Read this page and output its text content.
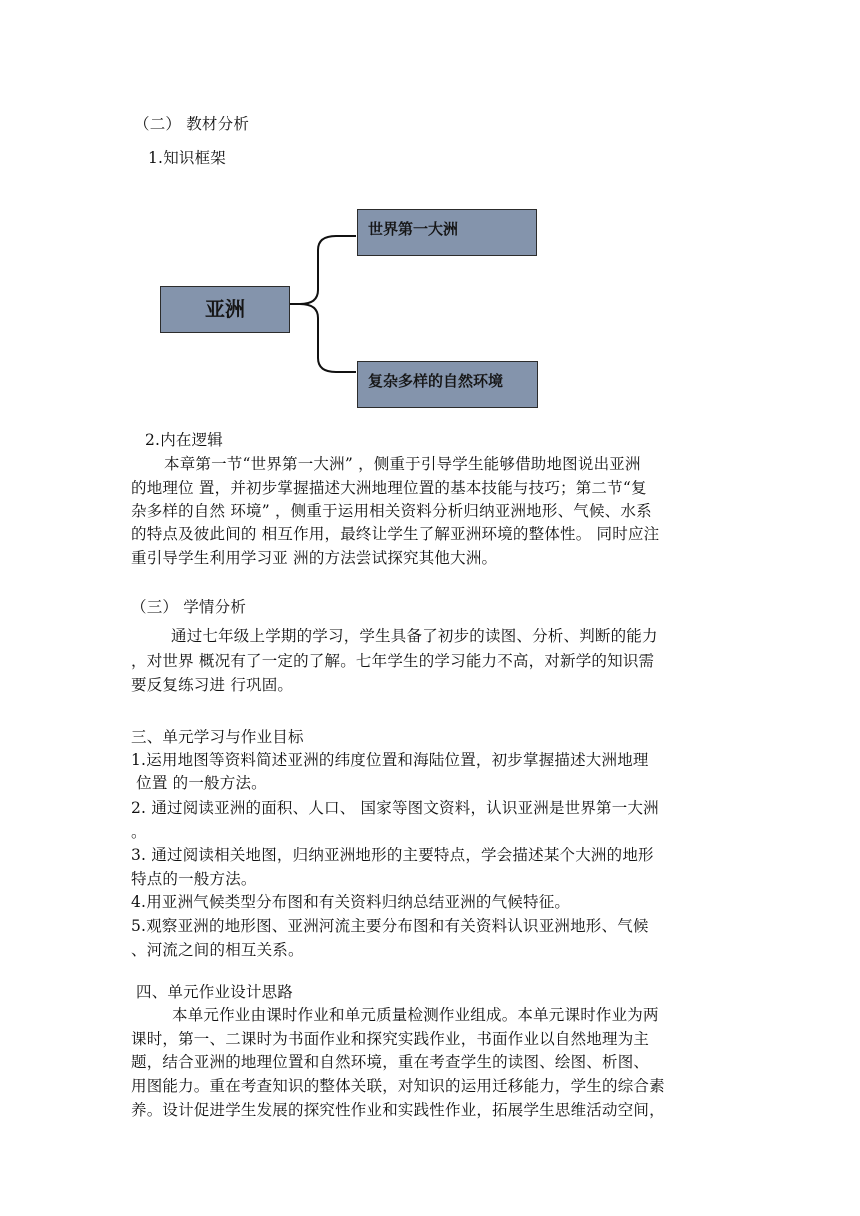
（二） 教材分析
1.知识框架
亚洲
世界第一大洲
复杂多样的自然环境
2.内在逻辑
本章第一节“世界第一大洲” ，侧重于引导学生能够借助地图说出亚洲
的地理位 置，并初步掌握描述大洲地理位置的基本技能与技巧；第二节“复
杂多样的自然 环境” ，侧重于运用相关资料分析归纳亚洲地形、气候、水系
的特点及彼此间的 相互作用，最终让学生了解亚洲环境的整体性。 同时应注
重引导学生利用学习亚 洲的方法尝试探究其他大洲。
（三） 学情分析
通过七年级上学期的学习，学生具备了初步的读图、分析、判断的能力
，对世界 概况有了一定的了解。七年学生的学习能力不高，对新学的知识需
要反复练习进 行巩固。
三、单元学习与作业目标
1.运用地图等资料简述亚洲的纬度位置和海陆位置，初步掌握描述大洲地理
位置 的一般方法。
2. 通过阅读亚洲的面积、人口、 国家等图文资料，认识亚洲是世界第一大洲
。
3. 通过阅读相关地图，归纳亚洲地形的主要特点，学会描述某个大洲的地形
特点的一般方法。
4.用亚洲气候类型分布图和有关资料归纳总结亚洲的气候特征。
5.观察亚洲的地形图、亚洲河流主要分布图和有关资料认识亚洲地形、气候
、河流之间的相互关系。
四、单元作业设计思路
本单元作业由课时作业和单元质量检测作业组成。本单元课时作业为两
课时，第一、二课时为书面作业和探究实践作业，书面作业以自然地理为主
题，结合亚洲的地理位置和自然环境，重在考查学生的读图、绘图、析图、
用图能力。重在考查知识的整体关联，对知识的运用迁移能力，学生的综合素
养。设计促进学生发展的探究性作业和实践性作业，拓展学生思维活动空间，
